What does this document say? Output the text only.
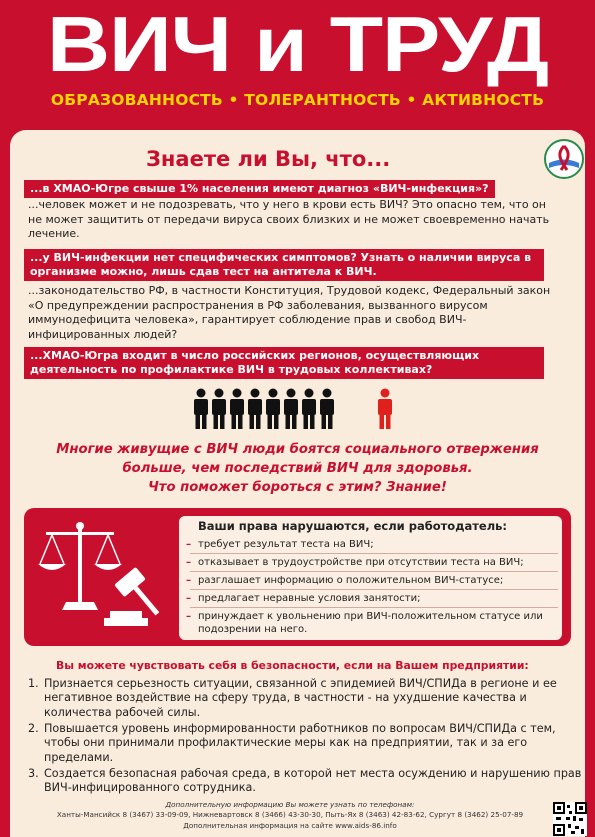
ВИЧ и ТРУД
ОБРАЗОВАННОСТЬ • ТОЛЕРАНТНОСТЬ • АКТИВНОСТЬ
Знаете ли Вы, что...
...в ХМАО-Югре свыше 1% населения имеют диагноз «ВИЧ-инфекция»?
...человек может и не подозревать, что у него в крови есть ВИЧ? Это опасно тем, что он не может защитить от передачи вируса своих близких и не может своевременно начать лечение.
...у ВИЧ-инфекции нет специфических симптомов? Узнать о наличии вируса в организме можно, лишь сдав тест на антитела к ВИЧ.
...законодательство РФ, в частности Конституция, Трудовой кодекс, Федеральный закон «О предупреждении распространения в РФ заболевания, вызванного вирусом иммунодефицита человека», гарантирует соблюдение прав и свобод ВИЧ-инфицированных людей?
...ХМАО-Югра входит в число российских регионов, осуществляющих деятельность по профилактике ВИЧ в трудовых коллективах?
Многие живущие с ВИЧ люди боятся социального отвержения
больше, чем последствий ВИЧ для здоровья.
Что поможет бороться с этим? Знание!
Ваши права нарушаются, если работодатель:
– требует результат теста на ВИЧ;
– отказывает в трудоустройстве при отсутствии теста на ВИЧ;
– разглашает информацию о положительном ВИЧ-статусе;
– предлагает неравные условия занятости;
– принуждает к увольнению при ВИЧ-положительном статусе или подозрении на него.
Вы можете чувствовать себя в безопасности, если на Вашем предприятии:
1. Признается серьезность ситуации, связанной с эпидемией ВИЧ/СПИДа в регионе и ее негативное воздействие на сферу труда, в частности - на ухудшение качества и количества рабочей силы.
2. Повышается уровень информированности работников по вопросам ВИЧ/СПИДа с тем, чтобы они принимали профилактические меры как на предприятии, так и за его пределами.
3. Создается безопасная рабочая среда, в которой нет места осуждению и нарушению прав ВИЧ-инфицированного сотрудника.
Дополнительную информацию Вы можете узнать по телефонам:
Ханты-Мансийск 8 (3467) 33-09-09, Нижневартовск 8 (3466) 43-30-30, Пыть-Ях 8 (3463) 42-83-62, Сургут 8 (3462) 25-07-89
Дополнительная информация на сайте www.aids-86.info
